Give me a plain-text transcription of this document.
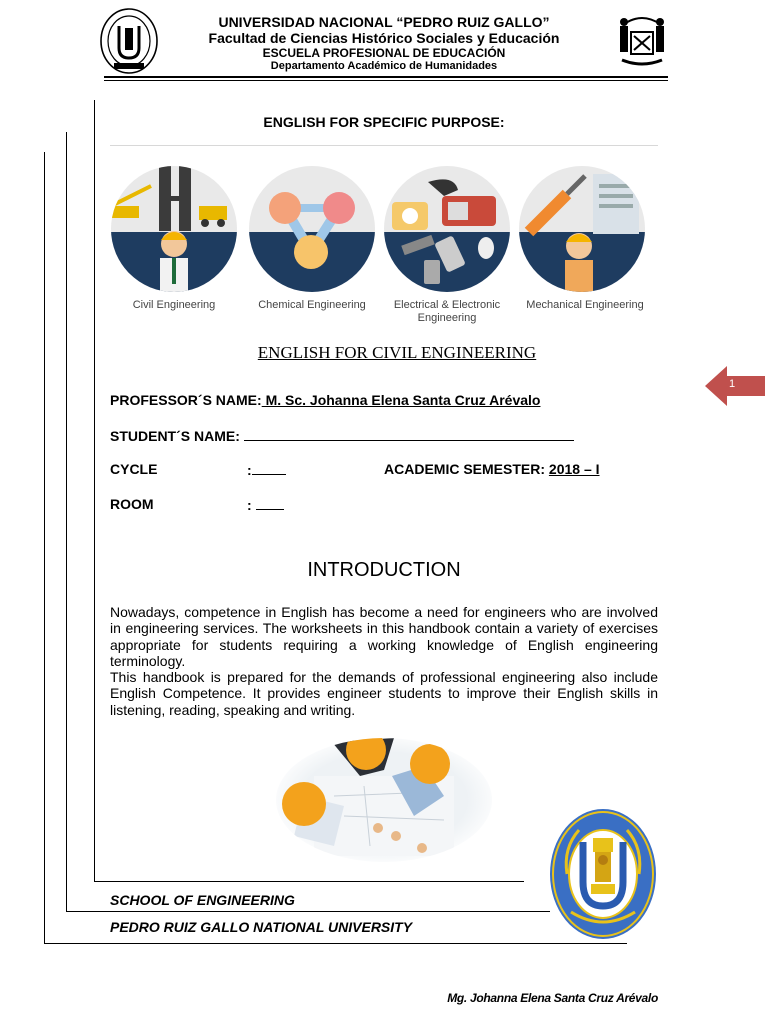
UNIVERSIDAD NACIONAL “PEDRO RUIZ GALLO”
Facultad de Ciencias Histórico Sociales y Educación
ESCUELA PROFESIONAL DE EDUCACIÓN
Departamento Académico de Humanidades
ENGLISH FOR SPECIFIC PURPOSE:
Civil Engineering	Chemical Engineering	Electrical & Electronic Engineering
Mechanical Engineering
ENGLISH FOR CIVIL ENGINEERING
PROFESSOR´S NAME: M. Sc. Johanna Elena Santa Cruz Arévalo
STUDENT´S NAME:
CYCLE	:	ACADEMIC SEMESTER: 2018 – I
ROOM	:
1
INTRODUCTION

Nowadays, competence in English has become a need for engineers who are involved in engineering services. The worksheets in this handbook contain a variety of exercises appropriate for students requiring a working knowledge of English engineering terminology.

This handbook is prepared for the demands of professional engineering also include English Competence. It provides engineer students to improve their English skills in listening, reading, speaking and writing.

SCHOOL OF ENGINEERING
PEDRO RUIZ GALLO NATIONAL UNIVERSITY
Mg. Johanna Elena Santa Cruz Arévalo
